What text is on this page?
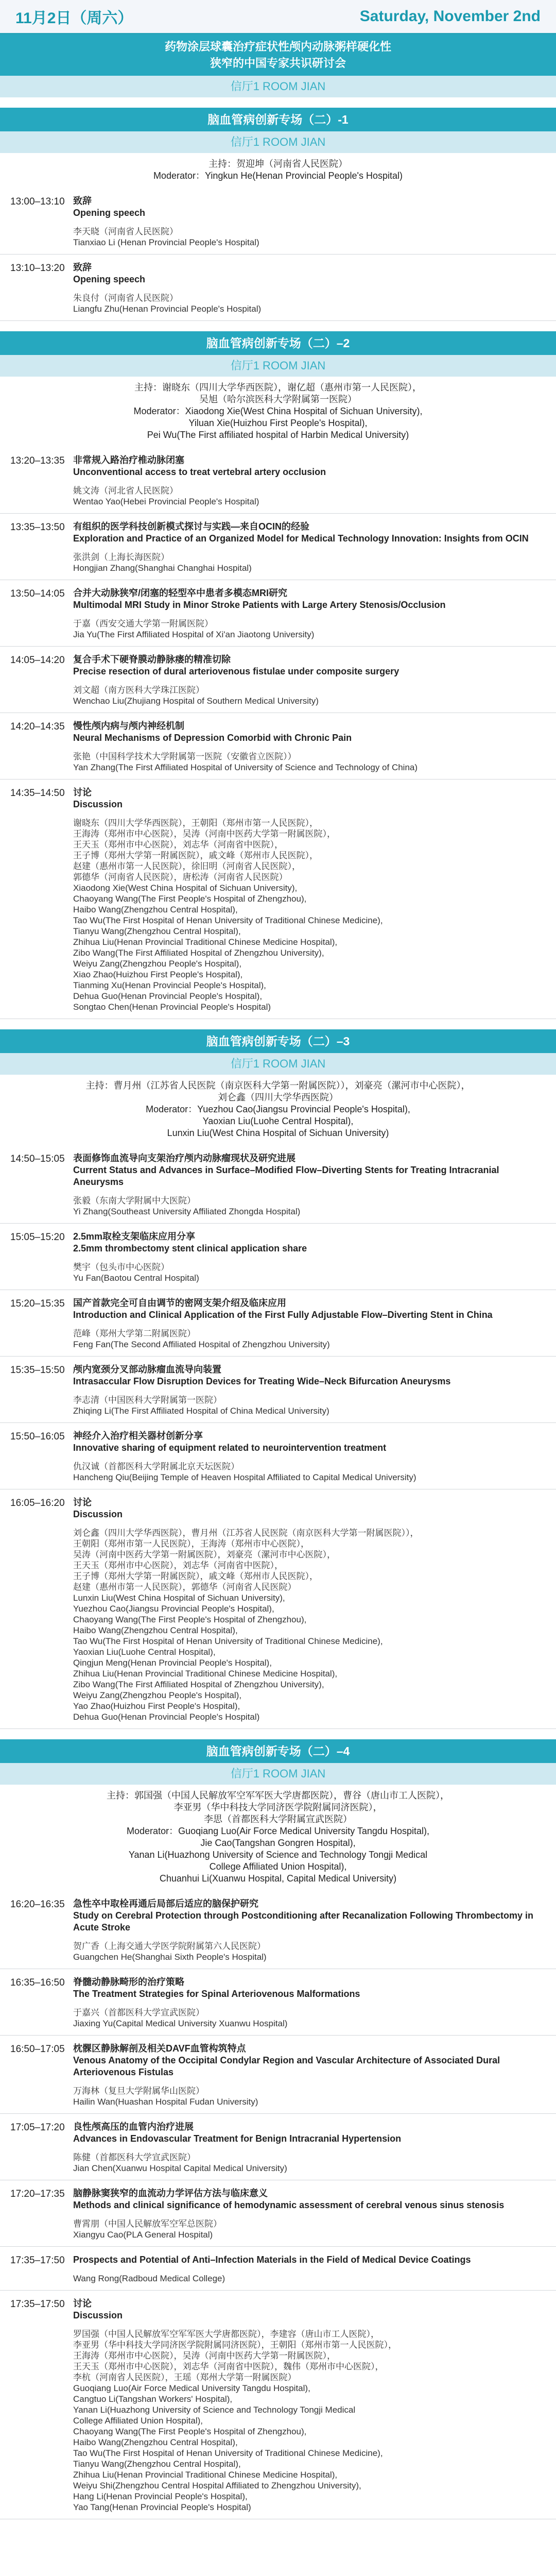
11月2日（周六）	Saturday, November 2nd
药物涂层球囊治疗症状性颅内动脉粥样硬化性
狭窄的中国专家共识研讨会
信厅1 ROOM JIAN
脑血管病创新专场（二）-1
信厅1 ROOM JIAN
主持：贺迎坤（河南省人民医院）
Moderator：Yingkun He(Henan Provincial People's Hospital)
13:00–13:10 致辞
Opening speech
李天晓（河南省人民医院）
Tianxiao Li (Henan Provincial People's Hospital)
13:10–13:20 致辞
Opening speech
朱良付（河南省人民医院）
Liangfu Zhu(Henan Provincial People's Hospital)
脑血管病创新专场（二）–2
信厅1 ROOM JIAN
主持：谢晓东（四川大学华西医院），谢亿超（惠州市第一人民医院），
吴旭（哈尔滨医科大学附属第一医院）
Moderator：Xiaodong Xie(West China Hospital of Sichuan University),
Yiluan Xie(Huizhou First People's Hospital),
Pei Wu(The First affiliated hospital of Harbin Medical University)
13:20–13:35 非常规入路治疗椎动脉闭塞
Unconventional access to treat vertebral artery occlusion
姚文涛（河北省人民医院）
Wentao Yao(Hebei Provincial People's Hospital)
13:35–13:50 有组织的医学科技创新模式探讨与实践—来自OCIN的经验
Exploration and Practice of an Organized Model for Medical Technology Innovation: Insights from OCIN
张洪剑（上海长海医院）
Hongjian Zhang(Shanghai Changhai Hospital)
13:50–14:05 合并大动脉狭窄/闭塞的轻型卒中患者多模态MRI研究
Multimodal MRI Study in Minor Stroke Patients with Large Artery Stenosis/Occlusion
于嘉（西安交通大学第一附属医院）
Jia Yu(The First Affiliated Hospital of Xi'an Jiaotong University)
14:05–14:20 复合手术下硬脊膜动静脉瘘的精准切除
Precise resection of dural arteriovenous fistulae under composite surgery
刘文超（南方医科大学珠江医院）
Wenchao Liu(Zhujiang Hospital of Southern Medical University)
14:20–14:35 慢性颅内病与颅内神经机制
Neural Mechanisms of Depression Comorbid with Chronic Pain
张艳（中国科学技术大学附属第一医院（安徽省立医院））
Yan Zhang(The First Affiliated Hospital of University of Science and Technology of China)
14:35–14:50 讨论
Discussion
谢晓东（四川大学华西医院），王朝阳（郑州市第一人民医院），
王海涛（郑州市中心医院），吴涛（河南中医药大学第一附属医院），
王天玉（郑州市中心医院），刘志华（河南省中医院），
王子博（郑州大学第一附属医院），戚文峰（郑州市人民医院），
赵建（惠州市第一人民医院），徐旧明（河南省人民医院），
郭德华（河南省人民医院），唐松涛（河南省人民医院）
Xiaodong Xie(West China Hospital of Sichuan University),
Chaoyang Wang(The First People's Hospital of Zhengzhou),
Haibo Wang(Zhengzhou Central Hospital),
Tao Wu(The First Hospital of Henan University of Traditional Chinese Medicine),
Tianyu Wang(Zhengzhou Central Hospital),
Zhihua Liu(Henan Provincial Traditional Chinese Medicine Hospital),
Zibo Wang(The First Affiliated Hospital of Zhengzhou University),
Weiyu Zang(Zhengzhou People's Hospital),
Xiao Zhao(Huizhou First People's Hospital),
Tianming Xu(Henan Provincial People's Hospital),
Dehua Guo(Henan Provincial People's Hospital),
Songtao Chen(Henan Provincial People's Hospital)
脑血管病创新专场（二）–3
信厅1 ROOM JIAN
主持：曹月州（江苏省人民医院（南京医科大学第一附属医院）），刘豪亮（漯河市中心医院），
刘仑鑫（四川大学华西医院）
Moderator：Yuezhou Cao(Jiangsu Provincial People's Hospital),
Yaoxian Liu(Luohe Central Hospital),
Lunxin Liu(West China Hospital of Sichuan University)
14:50–15:05 表面修饰血流导向支架治疗颅内动脉瘤现状及研究进展
Current Status and Advances in Surface–Modified Flow–Diverting Stents for Treating Intracranial Aneurysms
张毅（东南大学附属中大医院）
Yi Zhang(Southeast University Affiliated Zhongda Hospital)
15:05–15:20 2.5mm取栓支架临床应用分享
2.5mm thrombectomy stent clinical application share
樊宇（包头市中心医院）
Yu Fan(Baotou Central Hospital)
15:20–15:35 国产首款完全可自由调节的密网支架介绍及临床应用
Introduction and Clinical Application of the First Fully Adjustable Flow–Diverting Stent in China
范峰（郑州大学第二附属医院）
Feng Fan(The Second Affiliated Hospital of Zhengzhou University)
15:35–15:50 颅内宽颈分叉部动脉瘤血流导向装置
Intrasaccular Flow Disruption Devices for Treating Wide–Neck Bifurcation Aneurysms
李志清（中国医科大学附属第一医院）
Zhiqing Li(The First Affiliated Hospital of China Medical University)
15:50–16:05 神经介入治疗相关器材创新分享
Innovative sharing of equipment related to neurointervention treatment
仇汉诚（首都医科大学附属北京天坛医院）
Hancheng Qiu(Beijing Temple of Heaven Hospital Affiliated to Capital Medical University)
16:05–16:20 讨论
Discussion
刘仑鑫（四川大学华西医院），曹月州（江苏省人民医院（南京医科大学第一附属医院）），
王朝阳（郑州市第一人民医院），王海涛（郑州市中心医院），
吴涛（河南中医药大学第一附属医院），刘豪亮（漯河市中心医院），
王天玉（郑州市中心医院），刘志华（河南省中医院），
王子博（郑州大学第一附属医院），戚文峰（郑州市人民医院），
赵建（惠州市第一人民医院），郭德华（河南省人民医院）
Lunxin Liu(West China Hospital of Sichuan University),
Yuezhou Cao(Jiangsu Provincial People's Hospital),
Chaoyang Wang(The First People's Hospital of Zhengzhou),
Haibo Wang(Zhengzhou Central Hospital),
Tao Wu(The First Hospital of Henan University of Traditional Chinese Medicine),
Yaoxian Liu(Luohe Central Hospital),
Qingjun Meng(Henan Provincial People's Hospital),
Zhihua Liu(Henan Provincial Traditional Chinese Medicine Hospital),
Zibo Wang(The First Affiliated Hospital of Zhengzhou University),
Weiyu Zang(Zhengzhou People's Hospital),
Yao Zhao(Huizhou First People's Hospital),
Dehua Guo(Henan Provincial People's Hospital)
脑血管病创新专场（二）–4
信厅1 ROOM JIAN
主持：郭国强（中国人民解放军空军军医大学唐都医院），曹谷（唐山市工人医院），
李亚男（华中科技大学同济医学院附属同济医院），
李思（首都医科大学附属宣武医院）
Moderator：Guoqiang Luo(Air Force Medical University Tangdu Hospital),
Jie Cao(Tangshan Gongren Hospital),
Yanan Li(Huazhong University of Science and Technology Tongji Medical
College Affiliated Union Hospital),
Chuanhui Li(Xuanwu Hospital, Capital Medical University)
16:20–16:35 急性卒中取栓再通后局部后适应的脑保护研究
Study on Cerebral Protection through Postconditioning after Recanalization Following Thrombectomy in Acute Stroke
贺广香（上海交通大学医学院附属第六人民医院）
Guangchen He(Shanghai Sixth People's Hospital)
16:35–16:50 脊髓动静脉畸形的治疗策略
The Treatment Strategies for Spinal Arteriovenous Malformations
于嘉兴（首都医科大学宣武医院）
Jiaxing Yu(Capital Medical University Xuanwu Hospital)
16:50–17:05 枕髁区静脉解剖及相关DAVF血管构筑特点
Venous Anatomy of the Occipital Condylar Region and Vascular Architecture of Associated Dural Arteriovenous Fistulas
万海林（复旦大学附属华山医院）
Hailin Wan(Huashan Hospital Fudan University)
17:05–17:20 良性颅高压的血管内治疗进展
Advances in Endovascular Treatment for Benign Intracranial Hypertension
陈健（首都医科大学宣武医院）
Jian Chen(Xuanwu Hospital Capital Medical University)
17:20–17:35 脑静脉窦狭窄的血流动力学评估方法与临床意义
Methods and clinical significance of hemodynamic assessment of cerebral venous sinus stenosis
曹霄朋（中国人民解放军空军总医院）
Xiangyu Cao(PLA General Hospital)
17:35–17:50 Prospects and Potential of Anti–Infection Materials in the Field of Medical Device Coatings
Wang Rong(Radboud Medical College)
17:35–17:50 讨论
Discussion
罗国强（中国人民解放军空军军医大学唐都医院），李建容（唐山市工人医院），
李亚男（华中科技大学同济医学院附属同济医院），王朝阳（郑州市第一人民医院），
王海涛（郑州市中心医院），吴涛（河南中医药大学第一附属医院），
王天玉（郑州市中心医院），刘志华（河南省中医院），魏伟（郑州市中心医院），
李杭（河南省人民医院），王瑶（郑州大学第一附属医院）
Guoqiang Luo(Air Force Medical University Tangdu Hospital),
Cangtuo Li(Tangshan Workers' Hospital),
Yanan Li(Huazhong University of Science and Technology Tongji Medical
College Affiliated Union Hospital),
Chaoyang Wang(The First People's Hospital of Zhengzhou),
Haibo Wang(Zhengzhou Central Hospital),
Tao Wu(The First Hospital of Henan University of Traditional Chinese Medicine),
Tianyu Wang(Zhengzhou Central Hospital),
Zhihua Liu(Henan Provincial Traditional Chinese Medicine Hospital),
Weiyu Shi(Zhengzhou Central Hospital Affiliated to Zhengzhou University),
Hang Li(Henan Provincial People's Hospital),
Yao Tang(Henan Provincial People's Hospital)
